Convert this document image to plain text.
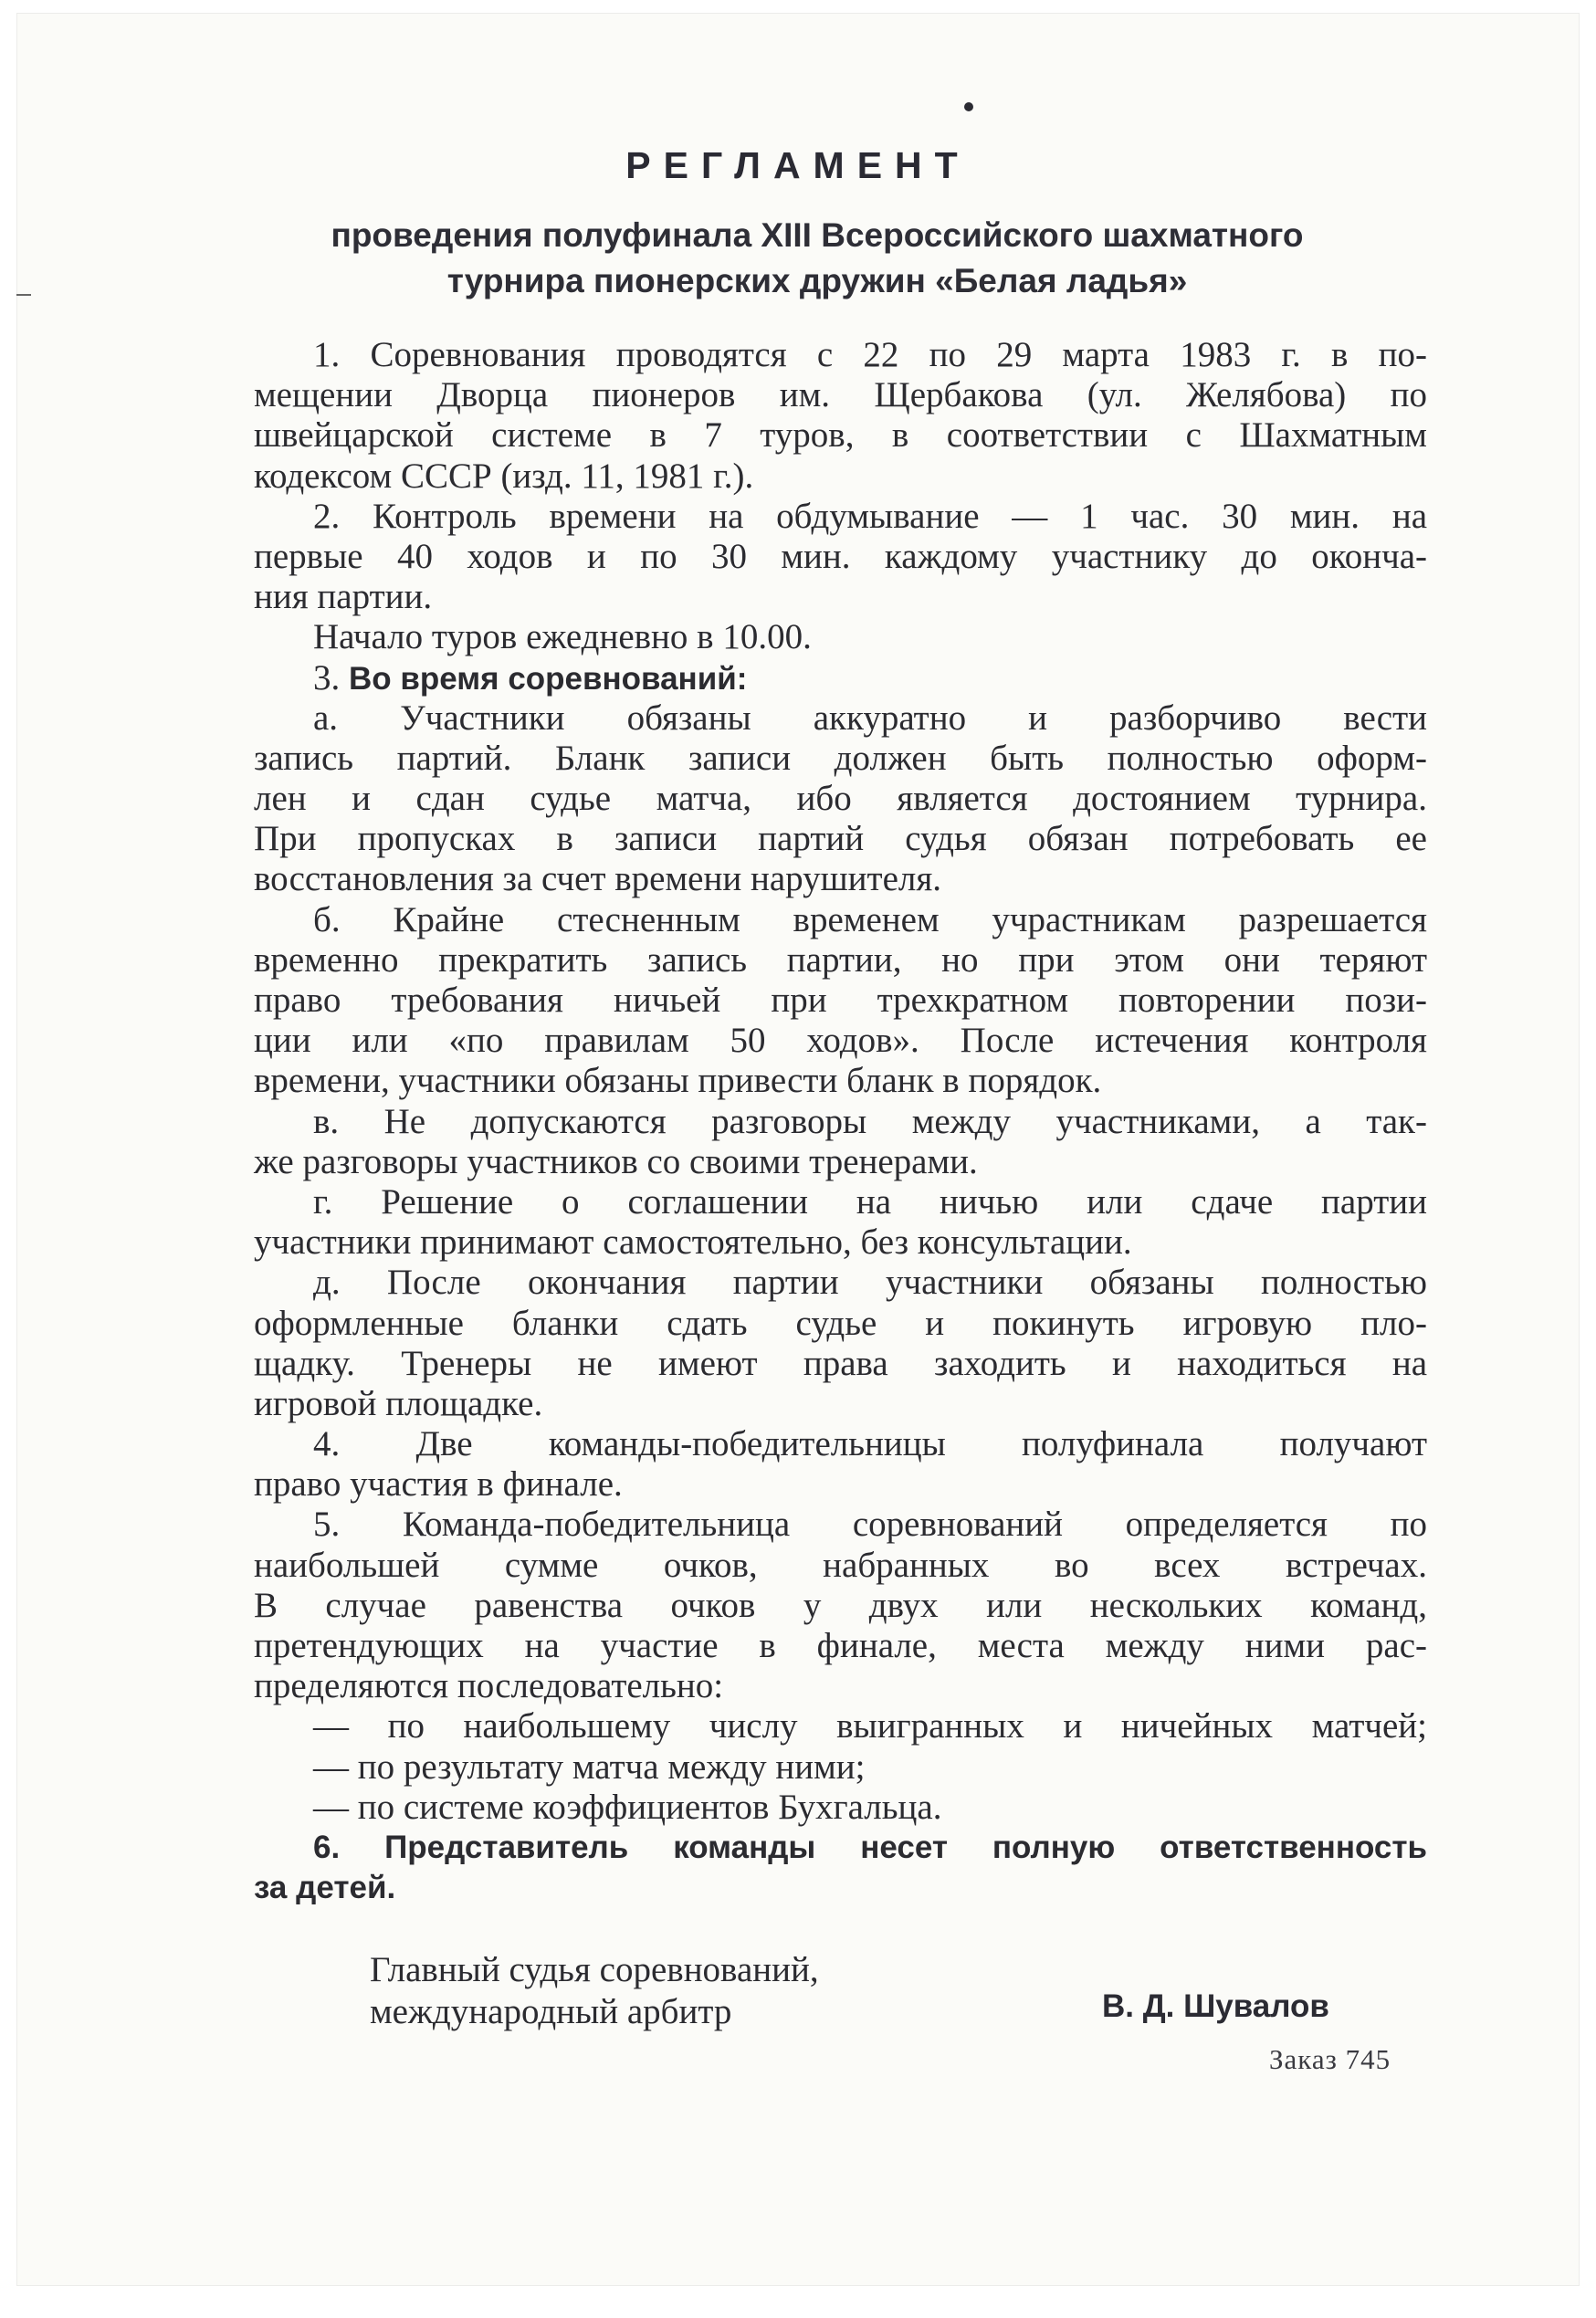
РЕГЛАМЕНТ
проведения полуфинала XIII Всероссийского шахматного
турнира пионерских дружин «Белая ладья»
1. Соревнования проводятся с 22 по 29 марта 1983 г. в по-
мещении Дворца пионеров им. Щербакова (ул. Желябова) по
швейцарской системе в 7 туров, в соответствии с Шахматным
кодексом СССР (изд. 11, 1981 г.).
2. Контроль времени на обдумывание — 1 час. 30 мин. на
первые 40 ходов и по 30 мин. каждому участнику до оконча-
ния партии.
Начало туров ежедневно в 10.00.
3. Во время соревнований:
а. Участники обязаны аккуратно и разборчиво вести
запись партий. Бланк записи должен быть полностью оформ-
лен и сдан судье матча, ибо является достоянием турнира.
При пропусках в записи партий судья обязан потребовать ее
восстановления за счет времени нарушителя.
б. Крайне стесненным временем учрастникам разрешается
временно прекратить запись партии, но при этом они теряют
право требования ничьей при трехкратном повторении пози-
ции или «по правилам 50 ходов». После истечения контроля
времени, участники обязаны привести бланк в порядок.
в. Не допускаются разговоры между участниками, а так-
же разговоры участников со своими тренерами.
г. Решение о соглашении на ничью или сдаче партии
участники принимают самостоятельно, без консультации.
д. После окончания партии участники обязаны полностью
оформленные бланки сдать судье и покинуть игровую пло-
щадку. Тренеры не имеют права заходить и находиться на
игровой площадке.
4. Две команды-победительницы полуфинала получают
право участия в финале.
5. Команда-победительница соревнований определяется по
наибольшей сумме очков, набранных во всех встречах.
В случае равенства очков у двух или нескольких команд,
претендующих на участие в финале, места между ними рас-
пределяются последовательно:
— по наибольшему числу выигранных и ничейных матчей;
— по результату матча между ними;
— по системе коэффициентов Бухгальца.
6. Представитель команды несет полную ответственность
за детей.
Главный судья соревнований,
международный арбитр	В. Д. Шувалов
Заказ 745
